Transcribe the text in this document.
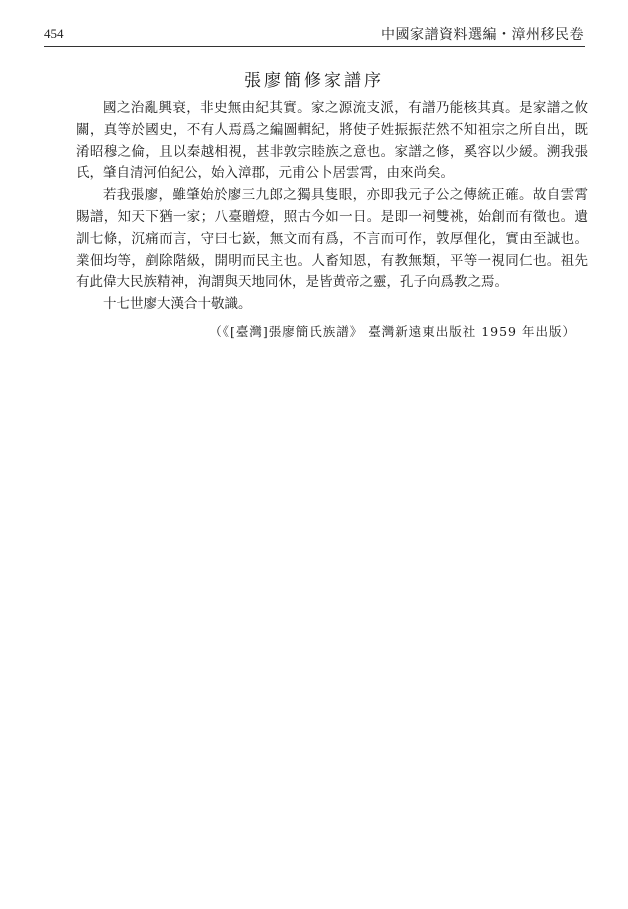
454	中國家譜資料選編・漳州移民卷
張廖簡修家譜序

國之治亂興衰，非史無由紀其實。家之源流支派，有譜乃能核其真。是家譜之攸關，真等於國史，不有人焉爲之編圖輯紀，將使子姓振振茫然不知祖宗之所自出，既淆昭穆之倫，且以秦越相視，甚非敦宗睦族之意也。家譜之修，奚容以少緩。溯我張氏，肇自清河伯紀公，始入漳郡，元甫公卜居雲霄，由來尚矣。

若我張廖，雖肇始於廖三九郎之獨具隻眼，亦即我元子公之傳統正確。故自雲霄賜譜，知天下猶一家；八臺贈燈，照古今如一日。是即一祠雙祧，始創而有徵也。遺訓七條，沉痛而言，守曰七嶔，無文而有爲，不言而可作，敦厚俚化，實由至誠也。業佃均等，剷除階級，開明而民主也。人畜知恩，有教無類，平等一視同仁也。祖先有此偉大民族精神，洵謂與天地同休，是皆黄帝之靈，孔子向爲教之焉。

十七世廖大漢合十敬識。

（《[臺灣]張廖簡氏族譜》 臺灣新遠東出版社 1959 年出版）
